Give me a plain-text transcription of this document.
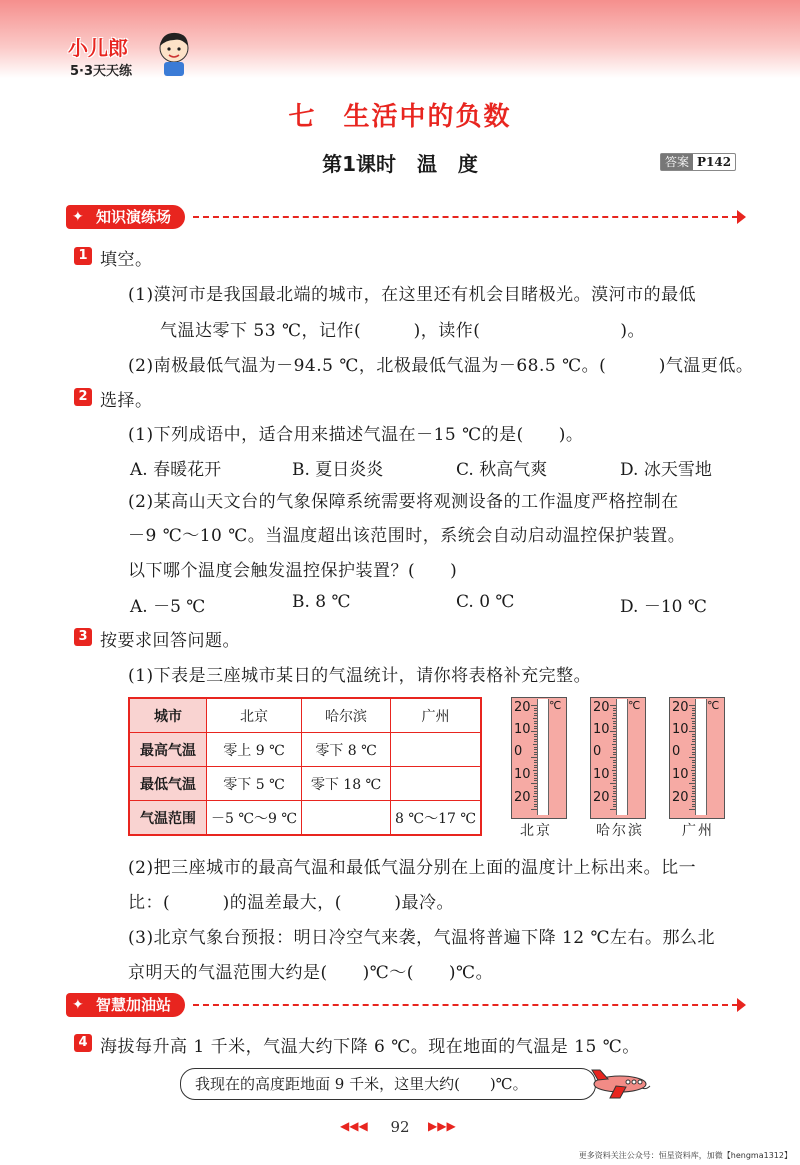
小儿郎
5·3天天练
七 生活中的负数
第1课时 温 度	答案 P142
✦ 知识演练场
1 填空。
(1)漠河市是我国最北端的城市，在这里还有机会目睹极光。漠河市的最低
气温达零下 53 ℃，记作(　　　)，读作(　　　　　　　　)。
(2)南极最低气温为－94.5 ℃，北极最低气温为－68.5 ℃。(　　　)气温更低。
2 选择。
(1)下列成语中，适合用来描述气温在－15 ℃的是(　　)。
A. 春暖花开	B. 夏日炎炎	C. 秋高气爽	D. 冰天雪地
(2)某高山天文台的气象保障系统需要将观测设备的工作温度严格控制在
－9 ℃～10 ℃。当温度超出该范围时，系统会自动启动温控保护装置。
以下哪个温度会触发温控保护装置？(　　)
A. －5 ℃	B. 8 ℃	C. 0 ℃	D. －10 ℃
3 按要求回答问题。
(1)下表是三座城市某日的气温统计，请你将表格补充完整。
城市	北京	哈尔滨	广州
最高气温	零上 9 ℃	零下 8 ℃	
最低气温	零下 5 ℃	零下 18 ℃	
气温范围	－5 ℃～9 ℃		8 ℃～17 ℃
20
10
0
10
20
℃ 20
10
0
10
20
℃ 20
10
0
10
20
℃
北京	哈尔滨	广州
(2)把三座城市的最高气温和最低气温分别在上面的温度计上标出来。比一
比：(　　　)的温差最大，(　　　)最冷。
(3)北京气象台预报：明日冷空气来袭，气温将普遍下降 12 ℃左右。那么北
京明天的气温范围大约是(　　)℃～(　　)℃。
✦ 智慧加油站
4 海拔每升高 1 千米，气温大约下降 6 ℃。现在地面的气温是 15 ℃。
我现在的高度距地面 9 千米，这里大约(　　)℃。
◀◀◀	92	▶▶▶
更多资料关注公众号：恒星资料库，加微【hengma1312】
